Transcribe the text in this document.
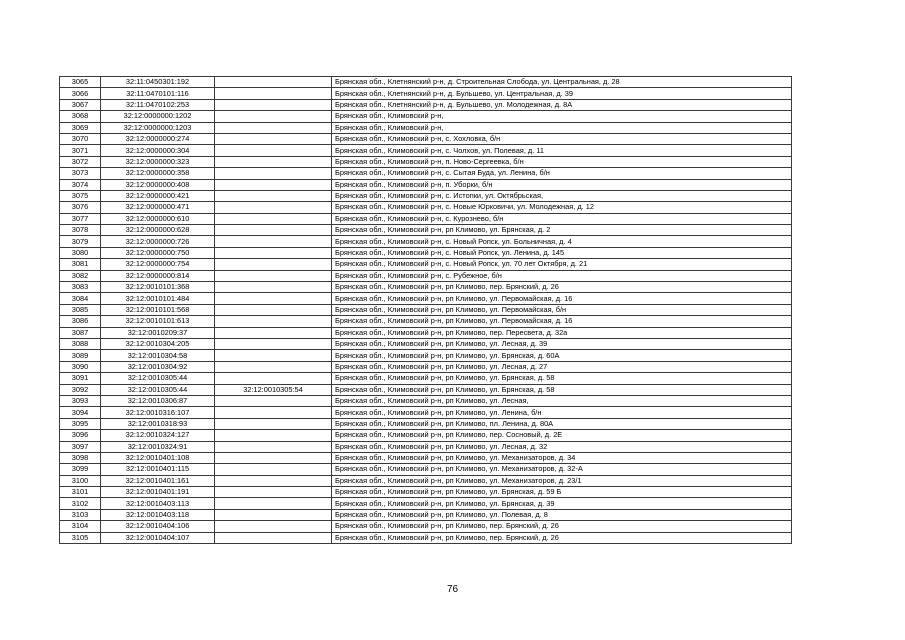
3065	32:11:0450301:192		Брянская обл., Клетнянский р-н, д. Строительная Слобода, ул. Центральная, д. 28
3066	32:11:0470101:116		Брянская обл., Клетнянский р-н, д. Бульшево, ул. Центральная, д. 39
3067	32:11:0470102:253		Брянская обл., Клетнянский р-н, д. Бульшево, ул. Молодежная, д. 8А
3068	32:12:0000000:1202		Брянская обл., Климовский р-н,
3069	32:12:0000000:1203		Брянская обл., Климовский р-н,
3070	32:12:0000000:274		Брянская обл., Климовский р-н, с. Хохловка, б/н
3071	32:12:0000000:304		Брянская обл., Климовский р-н, с. Чолхов, ул. Полевая, д. 11
3072	32:12:0000000:323		Брянская обл., Климовский р-н, п. Ново-Сергеевка, б/н
3073	32:12:0000000:358		Брянская обл., Климовский р-н, с. Сытая Буда, ул. Ленина, б/н
3074	32:12:0000000:408		Брянская обл., Климовский р-н, п. Уборки, б/н
3075	32:12:0000000:421		Брянская обл., Климовский р-н, с. Истопки, ул. Октябрьская,
3076	32:12:0000000:471		Брянская обл., Климовский р-н, с. Новые Юрковичи, ул. Молодежная, д. 12
3077	32:12:0000000:610		Брянская обл., Климовский р-н, с. Курознево, б/н
3078	32:12:0000000:628		Брянская обл., Климовский р-н, рп Климово, ул. Брянская, д. 2
3079	32:12:0000000:726		Брянская обл., Климовский р-н, с. Новый Ропск, ул. Больничная, д. 4
3080	32:12:0000000:750		Брянская обл., Климовский р-н, с. Новый Ропск, ул. Ленина, д. 145
3081	32:12:0000000:754		Брянская обл., Климовский р-н, с. Новый Ропск, ул. 70 лет Октября, д. 21
3082	32:12:0000000:814		Брянская обл., Климовский р-н, с. Рубежное, б/н
3083	32:12:0010101:368		Брянская обл., Климовский р-н, рп Климово, пер. Брянский, д. 26
3084	32:12:0010101:484		Брянская обл., Климовский р-н, рп Климово, ул. Первомайская, д. 16
3085	32:12:0010101:568		Брянская обл., Климовский р-н, рп Климово, ул. Первомайская, б/н
3086	32:12:0010101:613		Брянская обл., Климовский р-н, рп Климово, ул. Первомайская, д. 16
3087	32:12:0010209:37		Брянская обл., Климовский р-н, рп Климово, пер. Пересвета, д. 32а
3088	32:12:0010304:205		Брянская обл., Климовский р-н, рп Климово, ул. Лесная, д. 39
3089	32:12:0010304:58		Брянская обл., Климовский р-н, рп Климово, ул. Брянская, д. 60А
3090	32:12:0010304:92		Брянская обл., Климовский р-н, рп Климово, ул. Лесная, д. 27
3091	32:12:0010305:44		Брянская обл., Климовский р-н, рп Климово, ул. Брянская, д. 58
3092	32:12:0010305:44	32:12:0010305:54	Брянская обл., Климовский р-н, рп Климово, ул. Брянская, д. 58
3093	32:12:0010306:87		Брянская обл., Климовский р-н, рп Климово, ул. Лесная,
3094	32:12:0010316:107		Брянская обл., Климовский р-н, рп Климово, ул. Ленина, б/н
3095	32:12:0010318:93		Брянская обл., Климовский р-н, рп Климово, пл. Ленина, д. 80А
3096	32:12:0010324:127		Брянская обл., Климовский р-н, рп Климово, пер. Сосновый, д. 2Е
3097	32:12:0010324:91		Брянская обл., Климовский р-н, рп Климово, ул. Лесная, д. 32
3098	32:12:0010401:108		Брянская обл., Климовский р-н, рп Климово, ул. Механизаторов, д. 34
3099	32:12:0010401:115		Брянская обл., Климовский р-н, рп Климово, ул. Механизаторов, д. 32-А
3100	32:12:0010401:161		Брянская обл., Климовский р-н, рп Климово, ул. Механизаторов, д. 23/1
3101	32:12:0010401:191		Брянская обл., Климовский р-н, рп Климово, ул. Брянская, д. 59 Б
3102	32:12:0010403:113		Брянская обл., Климовский р-н, рп Климово, ул. Брянская, д. 39
3103	32:12:0010403:118		Брянская обл., Климовский р-н, рп Климово, ул. Полевая, д. 8
3104	32:12:0010404:106		Брянская обл., Климовский р-н, рп Климово, пер. Брянский, д. 26
3105	32:12:0010404:107		Брянская обл., Климовский р-н, рп Климово, пер. Брянский, д. 26
76
